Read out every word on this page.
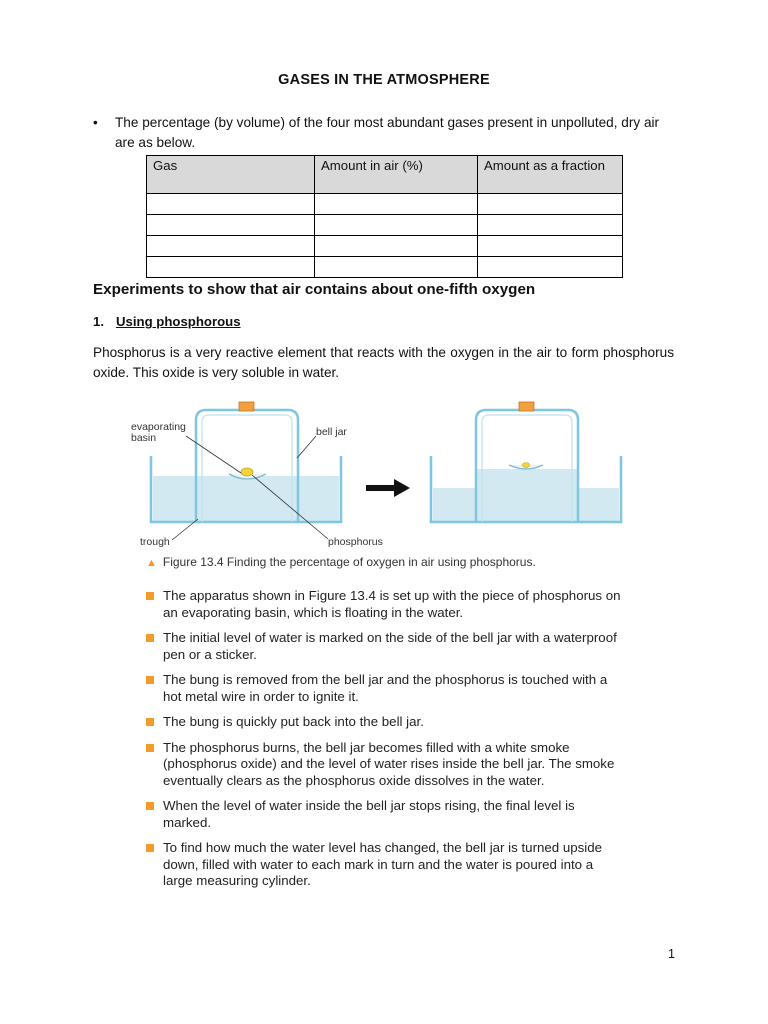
GASES IN THE ATMOSPHERE
• The percentage (by volume) of the four most abundant gases present in unpolluted, dry air are as below.
Gas	Amount in air (%)	Amount as a fraction

Experiments to show that air contains about one-fifth oxygen
1. Using phosphorous
Phosphorus is a very reactive element that reacts with the oxygen in the air to form phosphorus oxide. This oxide is very soluble in water.
evaporating
basin	bell jar
trough	phosphorus
▲ Figure 13.4 Finding the percentage of oxygen in air using phosphorus.
The apparatus shown in Figure 13.4 is set up with the piece of phosphorus on an evaporating basin, which is floating in the water.
The initial level of water is marked on the side of the bell jar with a waterproof pen or a sticker.
The bung is removed from the bell jar and the phosphorus is touched with a hot metal wire in order to ignite it.
The bung is quickly put back into the bell jar.
The phosphorus burns, the bell jar becomes filled with a white smoke (phosphorus oxide) and the level of water rises inside the bell jar. The smoke eventually clears as the phosphorus oxide dissolves in the water.
When the level of water inside the bell jar stops rising, the final level is marked.
To find how much the water level has changed, the bell jar is turned upside down, filled with water to each mark in turn and the water is poured into a large measuring cylinder.
1
